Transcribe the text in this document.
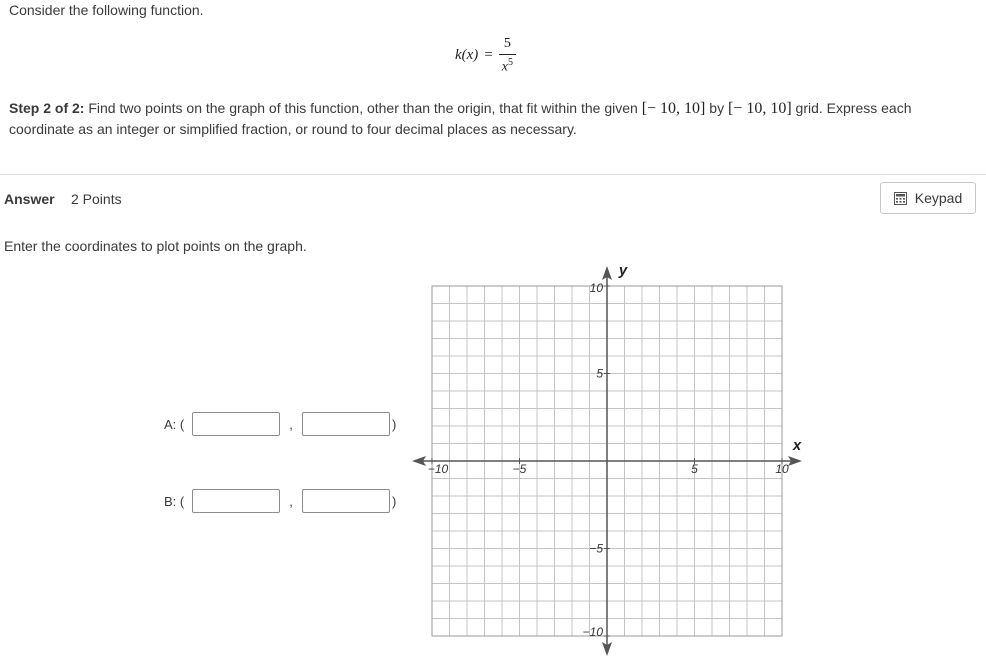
Consider the following function.
$k(x) = \frac{5}{x^5}$
Step 2 of 2: Find two points on the graph of this function, other than the origin, that fit within the given [− 10, 10] by [− 10, 10] grid. Express each coordinate as an integer or simplified fraction, or round to four decimal places as necessary.
Answer 2 Points	Keypad
Enter the coordinates to plot points on the graph.
A: (	,	)
B: (	,	)
−10	−5	5	10
10
5
−5
−10
x
y
